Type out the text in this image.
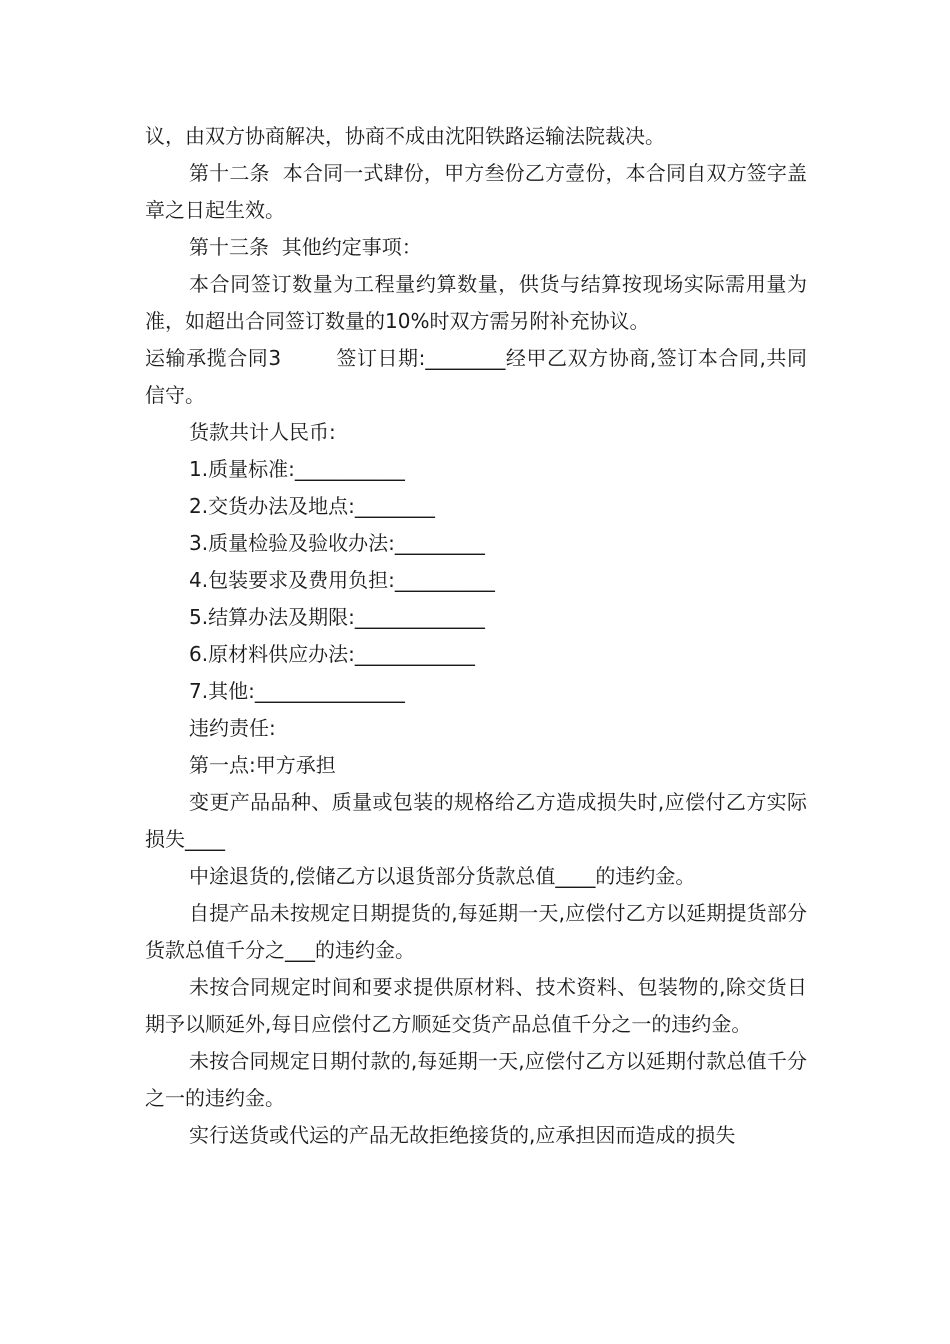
议，由双方协商解决，协商不成由沈阳铁路运输法院裁决。

第十二条  本合同一式肆份，甲方叁份乙方壹份，本合同自双方签字盖章之日起生效。

第十三条  其他约定事项：

本合同签订数量为工程量约算数量，供货与结算按现场实际需用量为准，如超出合同签订数量的10%时双方需另附补充协议。

运输承揽合同3        签订日期:________经甲乙双方协商,签订本合同,共同信守。

货款共计人民币:

1.质量标准:___________

2.交货办法及地点:________

3.质量检验及验收办法:_________

4.包装要求及费用负担:__________

5.结算办法及期限:_____________

6.原材料供应办法:____________

7.其他:_______________

违约责任:

第一点:甲方承担

变更产品品种、质量或包装的规格给乙方造成损失时,应偿付乙方实际损失____

中途退货的,偿储乙方以退货部分货款总值____的违约金。

自提产品未按规定日期提货的,每延期一天,应偿付乙方以延期提货部分货款总值千分之___的违约金。

未按合同规定时间和要求提供原材料、技术资料、包装物的,除交货日期予以顺延外,每日应偿付乙方顺延交货产品总值千分之一的违约金。

未按合同规定日期付款的,每延期一天,应偿付乙方以延期付款总值千分之一的违约金。

实行送货或代运的产品无故拒绝接货的,应承担因而造成的损失
